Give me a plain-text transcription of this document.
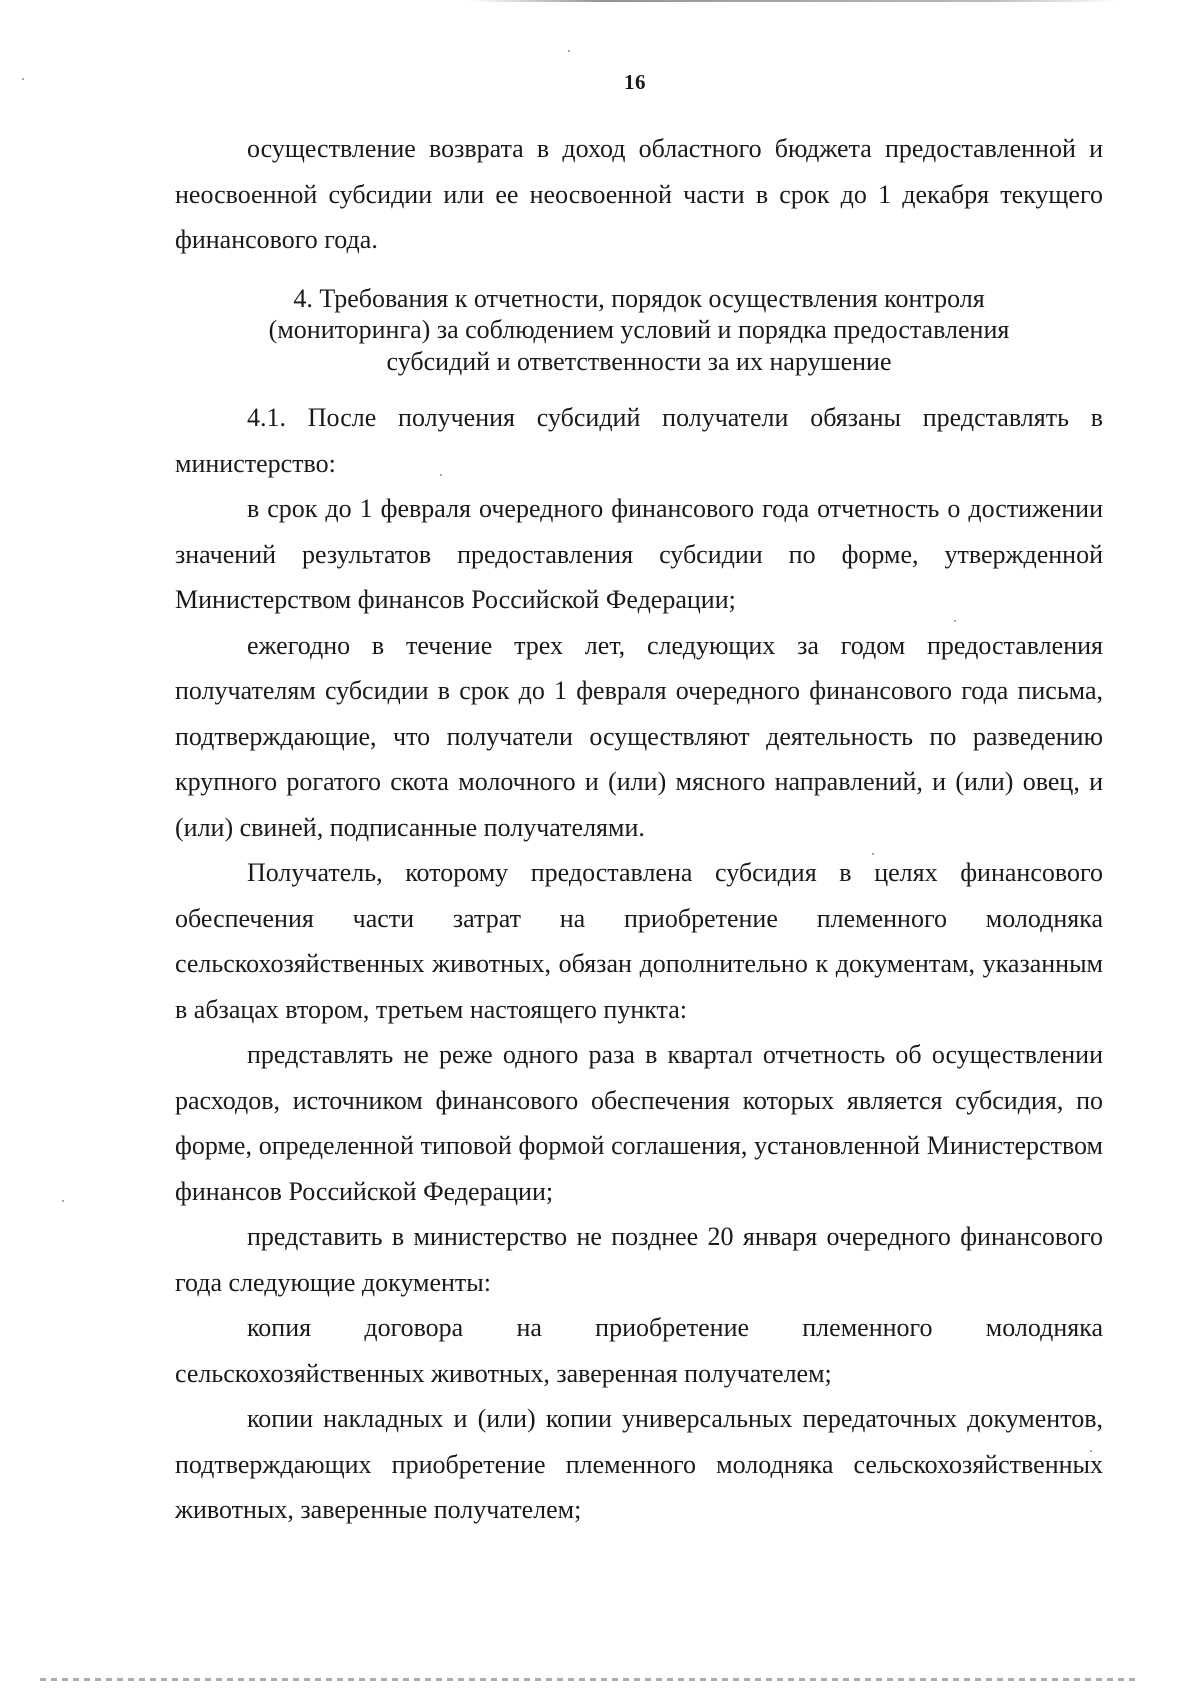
16

осуществление возврата в доход областного бюджета предоставленной и неосвоенной субсидии или ее неосвоенной части в срок до 1 декабря текущего финансового года.

4. Требования к отчетности, порядок осуществления контроля (мониторинга) за соблюдением условий и порядка предоставления субсидий и ответственности за их нарушение

4.1. После получения субсидий получатели обязаны представлять в министерство:

в срок до 1 февраля очередного финансового года отчетность о достижении значений результатов предоставления субсидии по форме, утвержденной Министерством финансов Российской Федерации;

ежегодно в течение трех лет, следующих за годом предоставления получателям субсидии в срок до 1 февраля очередного финансового года письма, подтверждающие, что получатели осуществляют деятельность по разведению крупного рогатого скота молочного и (или) мясного направлений, и (или) овец, и (или) свиней, подписанные получателями.

Получатель, которому предоставлена субсидия в целях финансового обеспечения части затрат на приобретение племенного молодняка сельскохозяйственных животных, обязан дополнительно к документам, указанным в абзацах втором, третьем настоящего пункта:

представлять не реже одного раза в квартал отчетность об осуществлении расходов, источником финансового обеспечения которых является субсидия, по форме, определенной типовой формой соглашения, установленной Министерством финансов Российской Федерации;

представить в министерство не позднее 20 января очередного финансового года следующие документы:

копия договора на приобретение племенного молодняка сельскохозяйственных животных, заверенная получателем;

копии накладных и (или) копии универсальных передаточных документов, подтверждающих приобретение племенного молодняка сельскохозяйственных животных, заверенные получателем;
